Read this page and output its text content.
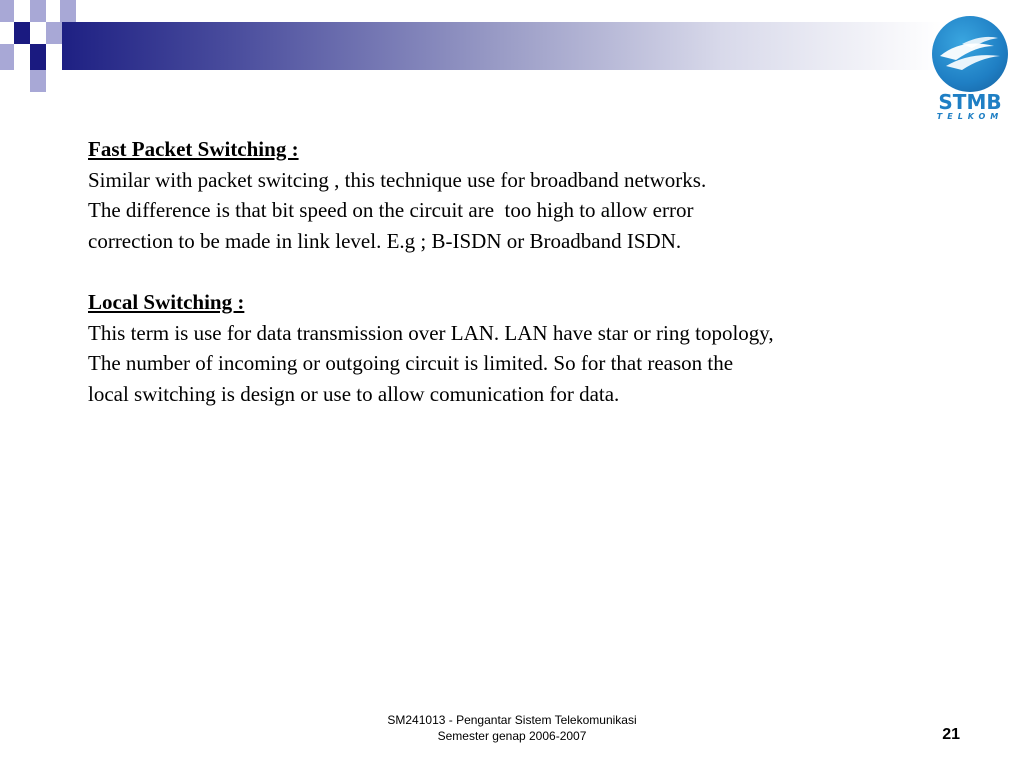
STMB
TELKOM
Fast Packet Switching :
Similar with packet switcing , this technique use for broadband networks.
The difference is that bit speed on the circuit are  too high to allow error
correction to be made in link level. E.g ; B-ISDN or Broadband ISDN.
Local Switching :
This term is use for data transmission over LAN. LAN have star or ring topology,
The number of incoming or outgoing circuit is limited. So for that reason the
local switching is design or use to allow comunication for data.
SM241013 - Pengantar Sistem Telekomunikasi
Semester genap 2006-2007	21
